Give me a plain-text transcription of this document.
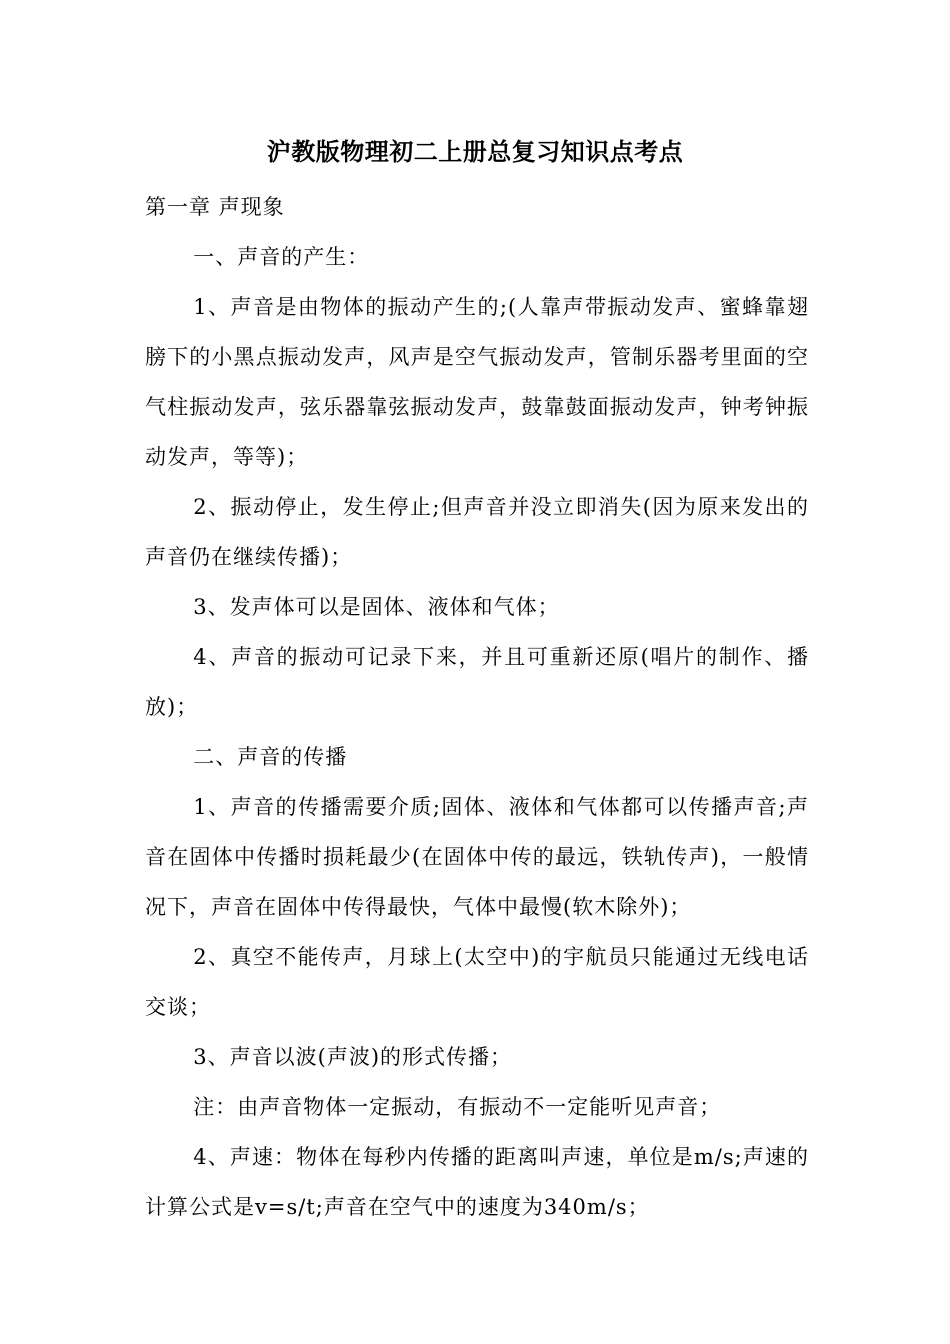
沪教版物理初二上册总复习知识点考点

第一章 声现象

一、声音的产生：

1、声音是由物体的振动产生的;(人靠声带振动发声、蜜蜂靠翅膀下的小黑点振动发声，风声是空气振动发声，管制乐器考里面的空气柱振动发声，弦乐器靠弦振动发声，鼓靠鼓面振动发声，钟考钟振动发声，等等)；

2、振动停止，发生停止;但声音并没立即消失(因为原来发出的声音仍在继续传播)；

3、发声体可以是固体、液体和气体；

4、声音的振动可记录下来，并且可重新还原(唱片的制作、播放)；

二、声音的传播

1、声音的传播需要介质;固体、液体和气体都可以传播声音;声音在固体中传播时损耗最少(在固体中传的最远，铁轨传声)，一般情况下，声音在固体中传得最快，气体中最慢(软木除外)；

2、真空不能传声，月球上(太空中)的宇航员只能通过无线电话交谈；

3、声音以波(声波)的形式传播；

注：由声音物体一定振动，有振动不一定能听见声音；

4、声速：物体在每秒内传播的距离叫声速，单位是m/s;声速的计算公式是v=s/t;声音在空气中的速度为340m/s；
